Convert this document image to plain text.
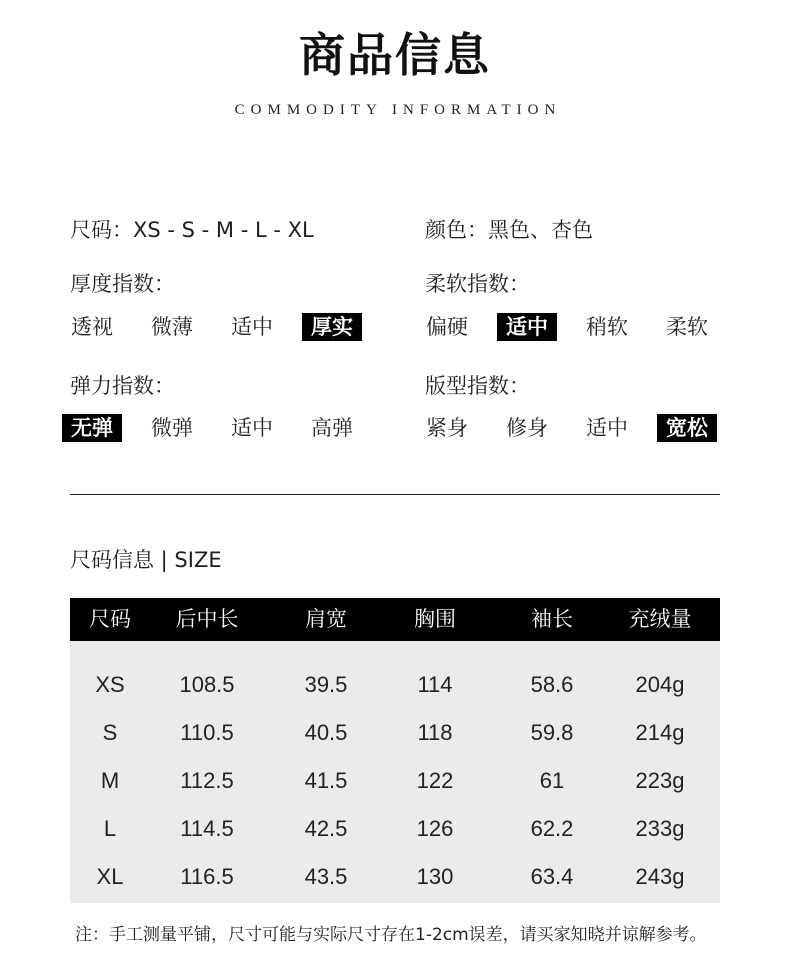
商品信息
COMMODITY INFORMATION
尺码：XS - S - M - L - XL	颜色：黑色、杏色
厚度指数：
透视	微薄	适中	厚实
柔软指数：
偏硬	适中	稍软	柔软
弹力指数：
无弹	微弹	适中	高弹
版型指数：
紧身	修身	适中	宽松
尺码信息 | SIZE
尺码	后中长	肩宽	胸围	袖长	充绒量
XS	108.5	39.5	114	58.6	204g
S	110.5	40.5	118	59.8	214g
M	112.5	41.5	122	61	223g
L	114.5	42.5	126	62.2	233g
XL	116.5	43.5	130	63.4	243g
注：手工测量平铺，尺寸可能与实际尺寸存在1-2cm误差，请买家知晓并谅解参考。
